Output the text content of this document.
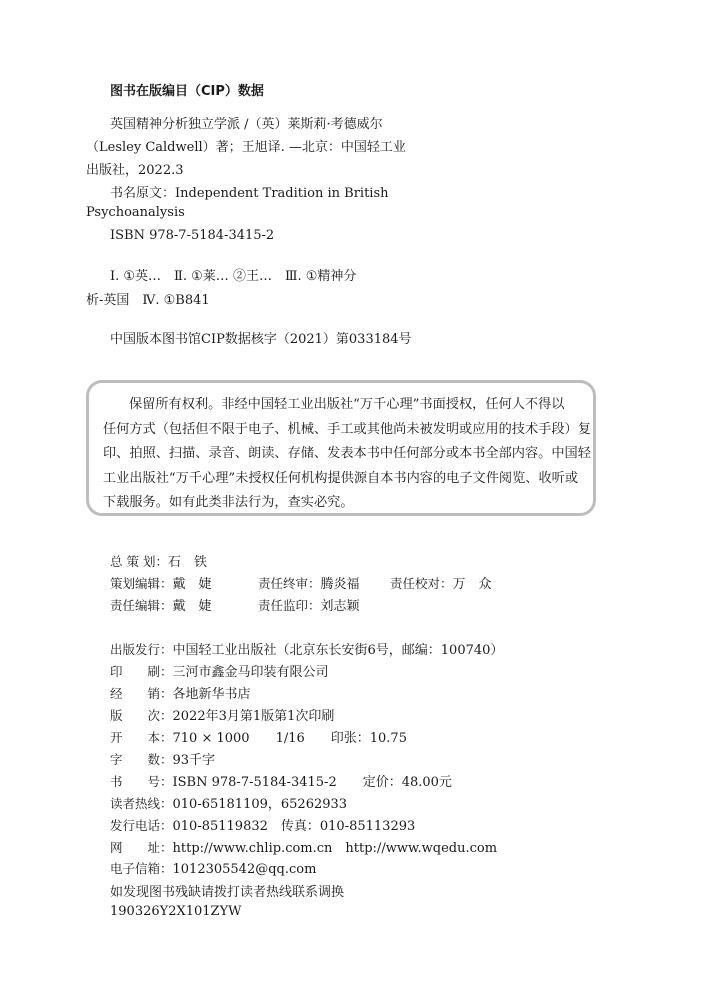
图书在版编目（CIP）数据
英国精神分析独立学派 /（英）莱斯莉·考德威尔
（Lesley Caldwell）著；王旭译. —北京：中国轻工业
出版社，2022.3
书名原文：Independent Tradition in British
Psychoanalysis
ISBN 978-7-5184-3415-2
Ⅰ. ①英…　Ⅱ. ①莱… ②王…　Ⅲ. ①精神分
析-英国　Ⅳ. ①B841
中国版本图书馆CIP数据核字（2021）第033184号
保留所有权利。非经中国轻工业出版社“万千心理”书面授权，任何人不得以
任何方式（包括但不限于电子、机械、手工或其他尚未被发明或应用的技术手段）复
印、拍照、扫描、录音、朗读、存储、发表本书中任何部分或本书全部内容。中国轻
工业出版社“万千心理”未授权任何机构提供源自本书内容的电子文件阅览、收听或
下载服务。如有此类非法行为，查实必究。
总 策 划：石　铁
策划编辑：戴　婕	责任终审：腾炎福 责任校对：万　众
责任编辑：戴　婕	责任监印：刘志颖
出版发行：中国轻工业出版社（北京东长安街6号，邮编：100740）
印　　刷：三河市鑫金马印装有限公司
经　　销：各地新华书店
版　　次：2022年3月第1版第1次印刷
开　　本：710 × 1000　　1/16　　印张：10.75
字　　数：93千字
书　　号：ISBN 978-7-5184-3415-2　　定价：48.00元
读者热线：010-65181109，65262933
发行电话：010-85119832　传真：010-85113293
网　　址：http://www.chlip.com.cn　http://www.wqedu.com
电子信箱：1012305542@qq.com
如发现图书残缺请拨打读者热线联系调换
190326Y2X101ZYW
